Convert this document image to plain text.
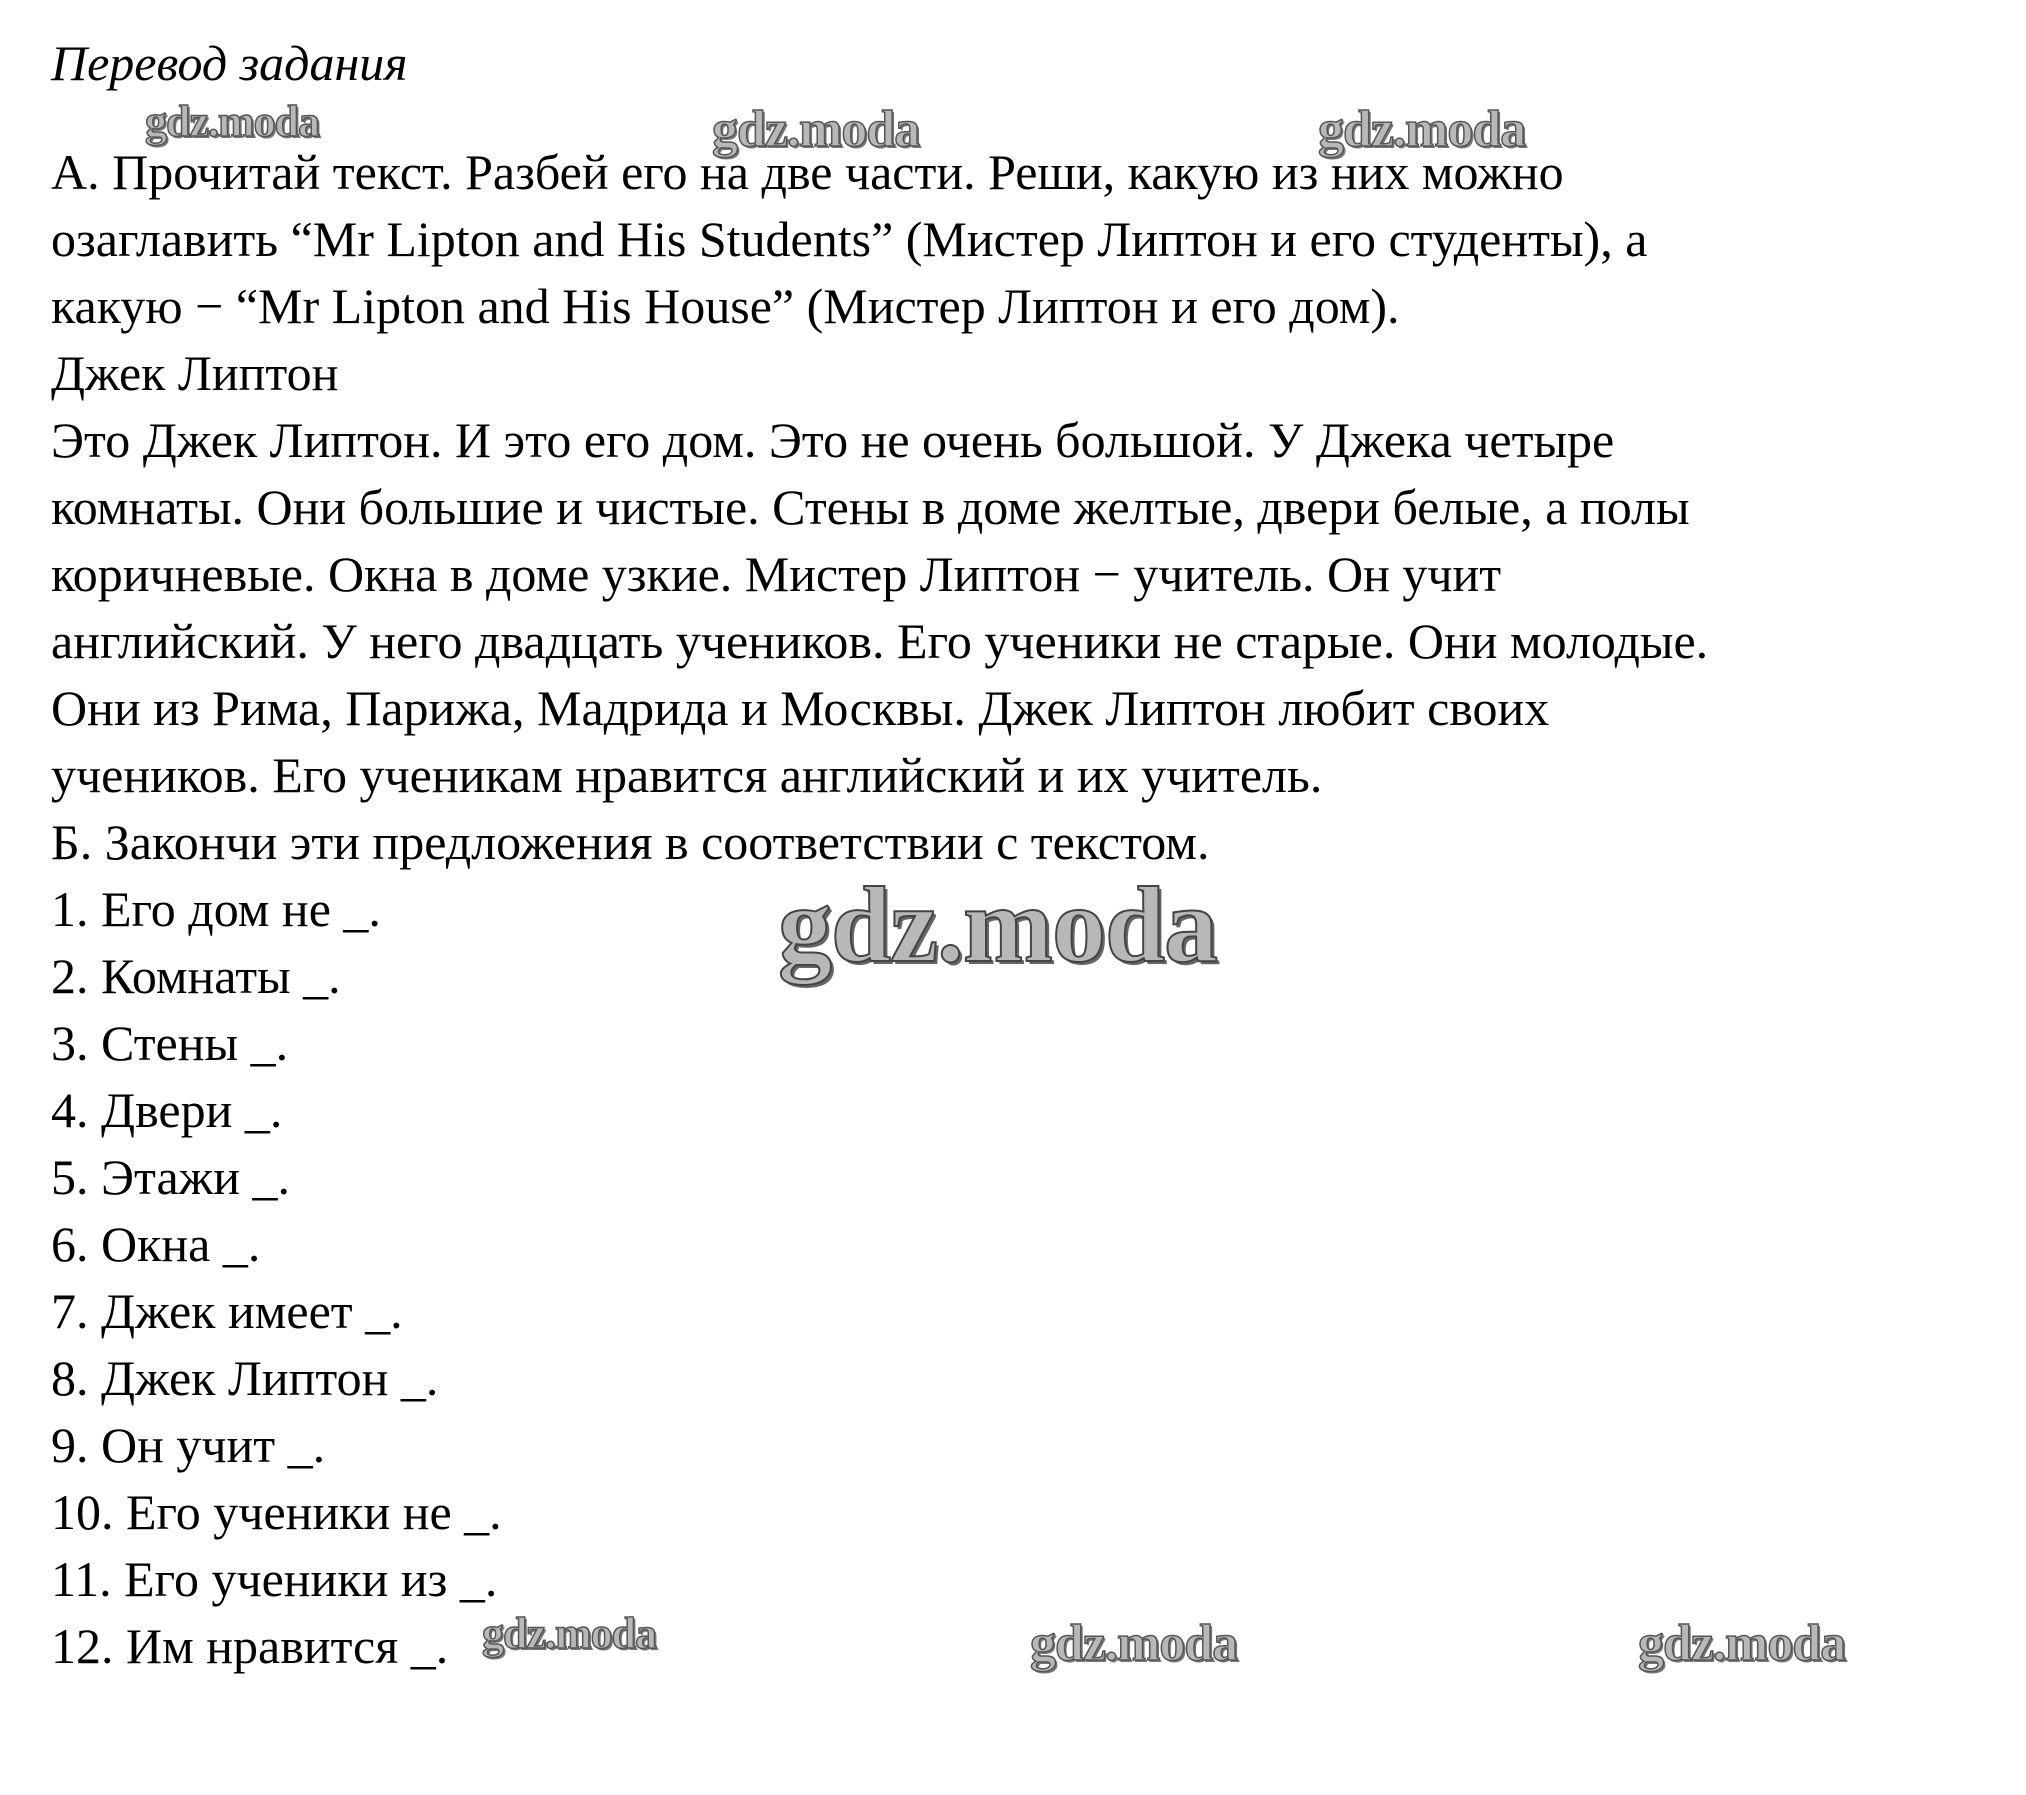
Перевод задания
А. Прочитай текст. Разбей его на две части. Реши, какую из них можно
озаглавить “Mr Lipton and His Students” (Мистер Липтон и его студенты), а
какую − “Mr Lipton and His House” (Мистер Липтон и его дом).
Джек Липтон
Это Джек Липтон. И это его дом. Это не очень большой. У Джека четыре
комнаты. Они большие и чистые. Стены в доме желтые, двери белые, а полы
коричневые. Окна в доме узкие. Мистер Липтон − учитель. Он учит
английский. У него двадцать учеников. Его ученики не старые. Они молодые.
Они из Рима, Парижа, Мадрида и Москвы. Джек Липтон любит своих
учеников. Его ученикам нравится английский и их учитель.
Б. Закончи эти предложения в соответствии с текстом.
1. Его дом не _.
2. Комнаты _.
3. Стены _.
4. Двери _.
5. Этажи _.
6. Окна _.
7. Джек имеет _.
8. Джек Липтон _.
9. Он учит _.
10. Его ученики не _.
11. Его ученики из _.
12. Им нравится _.
gdz.moda	gdz.moda	gdz.moda
gdz.moda
gdz.moda	gdz.moda	gdz.moda
